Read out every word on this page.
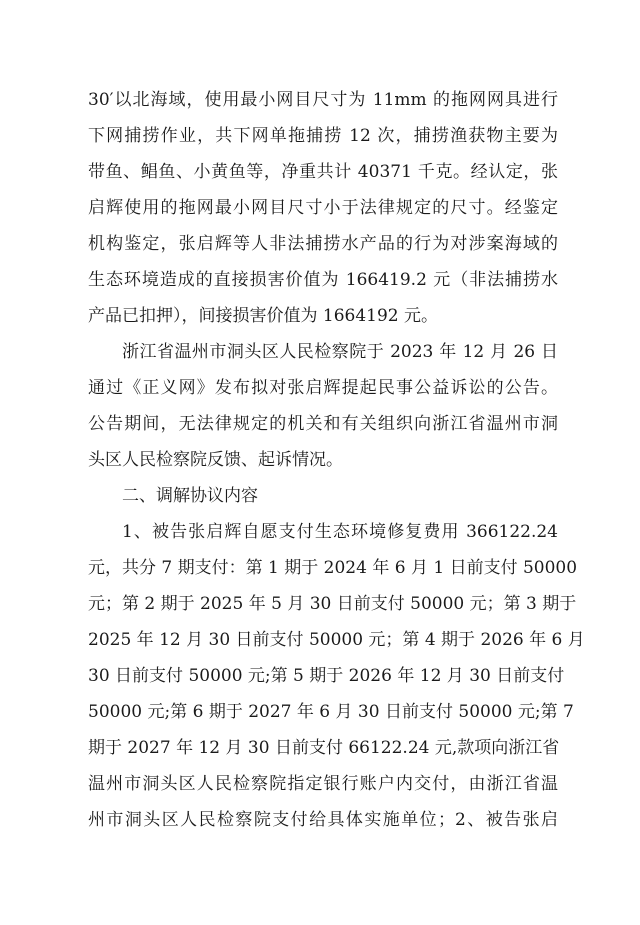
30′以北海域，使用最小网目尺寸为 11mm 的拖网网具进行
下网捕捞作业，共下网单拖捕捞 12 次，捕捞渔获物主要为
带鱼、鲳鱼、小黄鱼等，净重共计 40371 千克。经认定，张
启辉使用的拖网最小网目尺寸小于法律规定的尺寸。经鉴定
机构鉴定，张启辉等人非法捕捞水产品的行为对涉案海域的
生态环境造成的直接损害价值为 166419.2 元（非法捕捞水
产品已扣押），间接损害价值为 1664192 元。
浙江省温州市洞头区人民检察院于 2023 年 12 月 26 日
通过《正义网》发布拟对张启辉提起民事公益诉讼的公告。
公告期间，无法律规定的机关和有关组织向浙江省温州市洞
头区人民检察院反馈、起诉情况。
二、调解协议内容
1、被告张启辉自愿支付生态环境修复费用 366122.24
元，共分 7 期支付：第 1 期于 2024 年 6 月 1 日前支付 50000
元；第 2 期于 2025 年 5 月 30 日前支付 50000 元；第 3 期于
2025 年 12 月 30 日前支付 50000 元；第 4 期于 2026 年 6 月
30 日前支付 50000 元;第 5 期于 2026 年 12 月 30 日前支付
50000 元;第 6 期于 2027 年 6 月 30 日前支付 50000 元;第 7
期于 2027 年 12 月 30 日前支付 66122.24 元,款项向浙江省
温州市洞头区人民检察院指定银行账户内交付，由浙江省温
州市洞头区人民检察院支付给具体实施单位；2、被告张启
